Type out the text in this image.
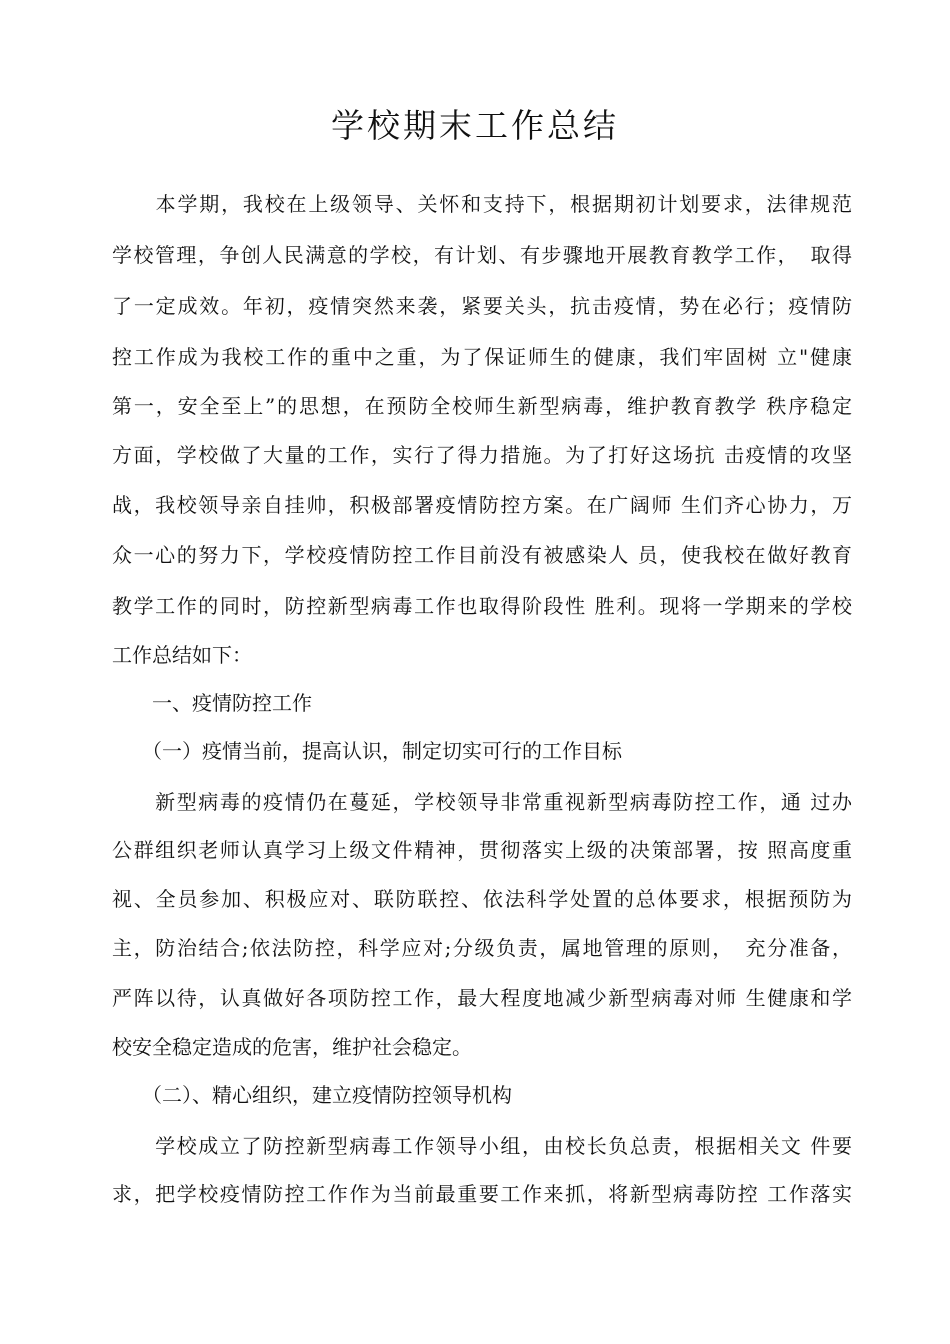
学校期末工作总结

　　本学期，我校在上级领导、关怀和支持下，根据期初计划要求，法律规范

学校管理，争创人民满意的学校，有计划、有步骤地开展教育教学工作，　取得

了一定成效。年初，疫情突然来袭，紧要关头，抗击疫情，势在必行；疫情防

控工作成为我校工作的重中之重，为了保证师生的健康，我们牢固树 立"健康

第一，安全至上”的思想，在预防全校师生新型病毒，维护教育教学 秩序稳定

方面，学校做了大量的工作，实行了得力措施。为了打好这场抗 击疫情的攻坚

战，我校领导亲自挂帅，积极部署疫情防控方案。在广阔师 生们齐心协力，万

众一心的努力下，学校疫情防控工作目前没有被感染人 员，使我校在做好教育

教学工作的同时，防控新型病毒工作也取得阶段性 胜利。现将一学期来的学校

工作总结如下：

　　一、疫情防控工作

　　（一）疫情当前，提高认识，制定切实可行的工作目标

　　新型病毒的疫情仍在蔓延，学校领导非常重视新型病毒防控工作，通 过办

公群组织老师认真学习上级文件精神，贯彻落实上级的决策部署，按 照高度重

视、全员参加、积极应对、联防联控、依法科学处置的总体要求，根据预防为

主，防治结合;依法防控，科学应对;分级负责，属地管理的原则，　充分准备，

严阵以待，认真做好各项防控工作，最大程度地减少新型病毒对师 生健康和学

校安全稳定造成的危害，维护社会稳定。

　　（二）、精心组织，建立疫情防控领导机构

　　学校成立了防控新型病毒工作领导小组，由校长负总责，根据相关文 件要

求，把学校疫情防控工作作为当前最重要工作来抓，将新型病毒防控 工作落实
